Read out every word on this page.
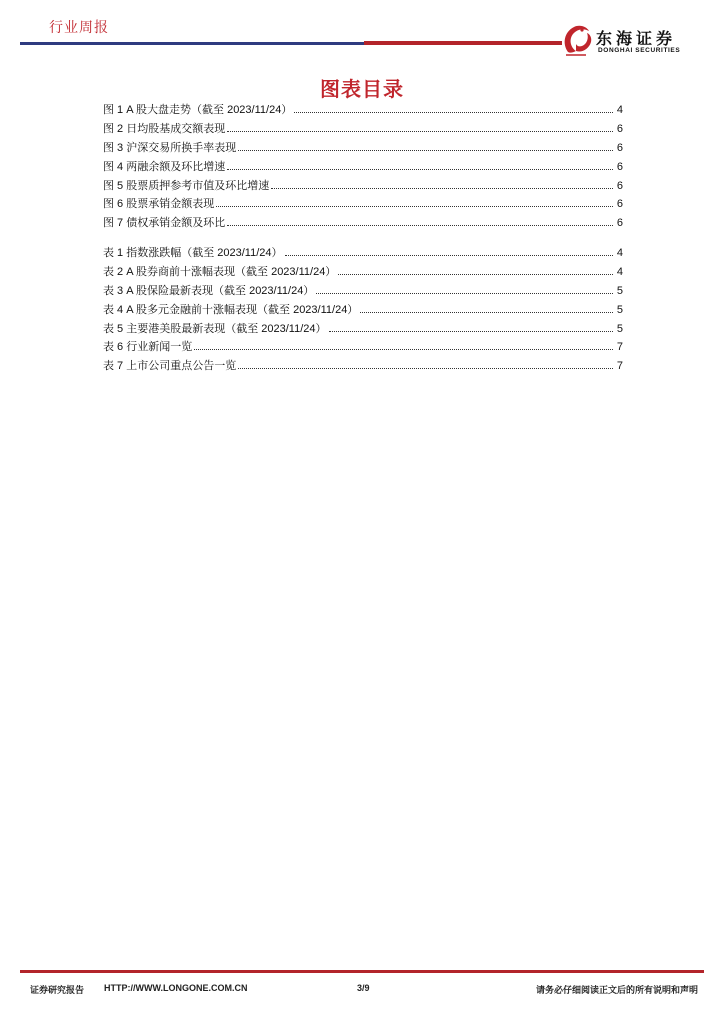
行业周报
东海证券
DONGHAI SECURITIES
图表目录
图 1 A 股大盘走势（截至 2023/11/24）	4
图 2 日均股基成交额表现	6
图 3 沪深交易所换手率表现	6
图 4 两融余额及环比增速	6
图 5 股票质押参考市值及环比增速	6
图 6 股票承销金额表现	6
图 7 债权承销金额及环比	6
表 1 指数涨跌幅（截至 2023/11/24）	4
表 2 A 股券商前十涨幅表现（截至 2023/11/24）	4
表 3 A 股保险最新表现（截至 2023/11/24）	5
表 4 A 股多元金融前十涨幅表现（截至 2023/11/24）	5
表 5 主要港美股最新表现（截至 2023/11/24）	5
表 6 行业新闻一览	7
表 7 上市公司重点公告一览	7
证券研究报告 HTTP://WWW.LONGONE.COM.CN	3/9	请务必仔细阅读正文后的所有说明和声明
